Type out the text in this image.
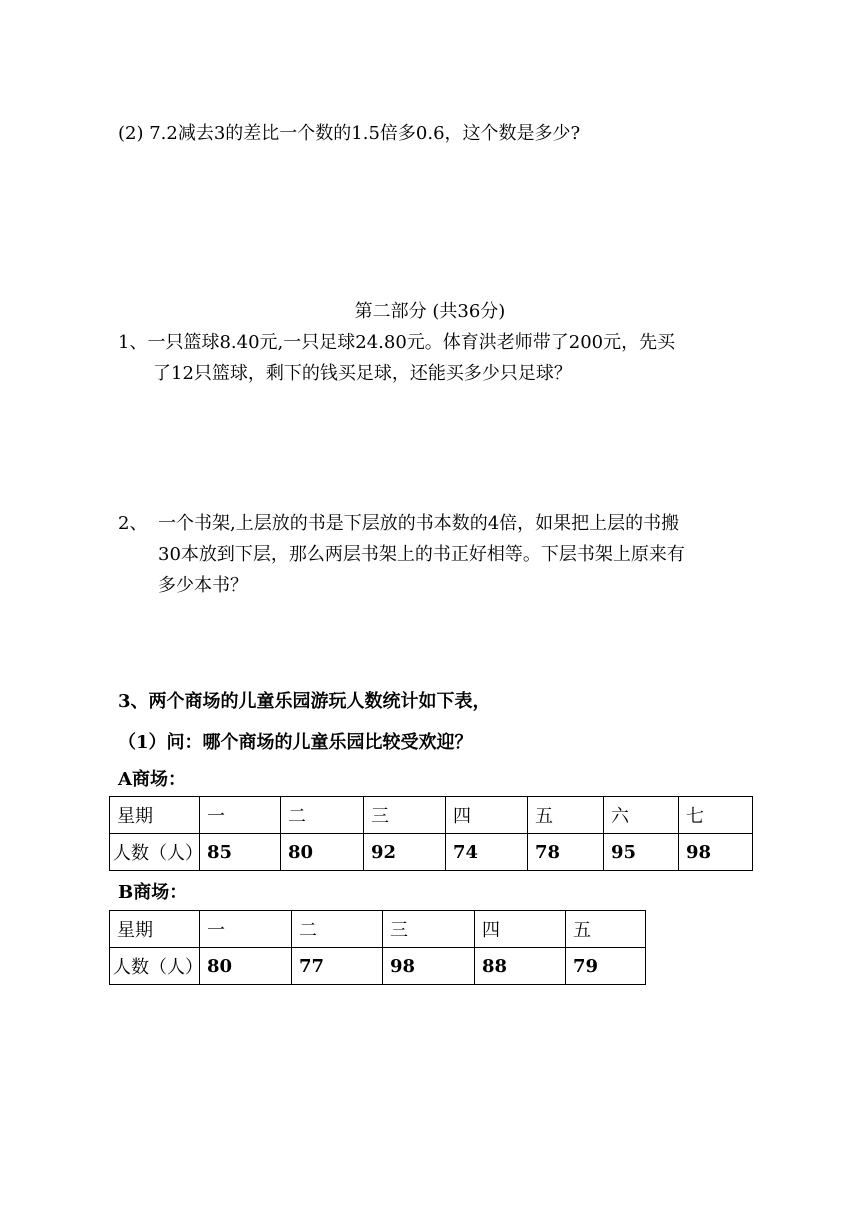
(2) 7.2减去3的差比一个数的1.5倍多0.6，这个数是多少?
第二部分 (共36分)
1、一只篮球8.40元,一只足球24.80元。体育洪老师带了200元，先买
了12只篮球，剩下的钱买足球，还能买多少只足球？
2、 一个书架,上层放的书是下层放的书本数的4倍，如果把上层的书搬
30本放到下层，那么两层书架上的书正好相等。下层书架上原来有
多少本书？
3、两个商场的儿童乐园游玩人数统计如下表，
（1）问：哪个商场的儿童乐园比较受欢迎？
A商场：
星期	一	二	三	四	五	六	七
人数（人）	85	80	92	74	78	95	98
B商场：
星期	一	二	三	四	五
人数（人）	80	77	98	88	79
